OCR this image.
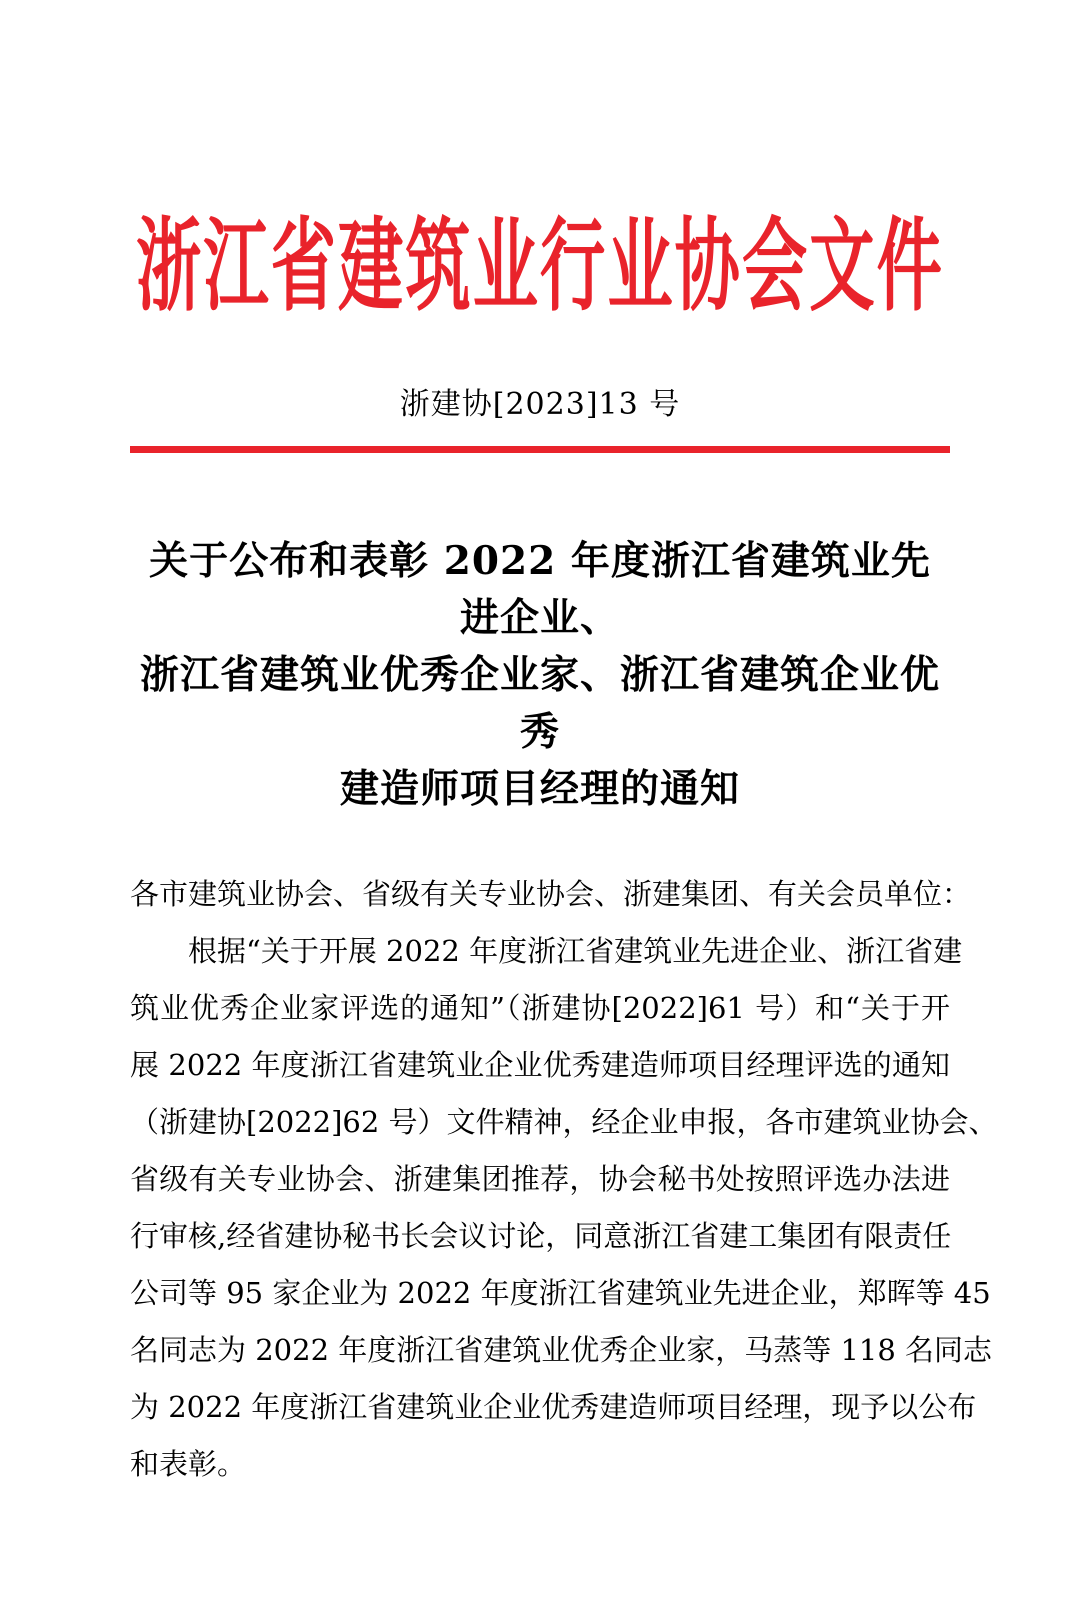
浙江省建筑业行业协会文件
浙建协[2023]13 号
关于公布和表彰 2022 年度浙江省建筑业先进企业、
浙江省建筑业优秀企业家、浙江省建筑企业优秀
建造师项目经理的通知
各市建筑业协会、省级有关专业协会、浙建集团、有关会员单位：
根据“关于开展 2022 年度浙江省建筑业先进企业、浙江省建
筑业优秀企业家评选的通知”（浙建协[2022]61 号）和“关于开
展 2022 年度浙江省建筑业企业优秀建造师项目经理评选的通知
（浙建协[2022]62 号）文件精神，经企业申报，各市建筑业协会、
省级有关专业协会、浙建集团推荐，协会秘书处按照评选办法进
行审核,经省建协秘书长会议讨论，同意浙江省建工集团有限责任
公司等 95 家企业为 2022 年度浙江省建筑业先进企业，郑晖等 45
名同志为 2022 年度浙江省建筑业优秀企业家，马蒸等 118 名同志
为 2022 年度浙江省建筑业企业优秀建造师项目经理，现予以公布
和表彰。
